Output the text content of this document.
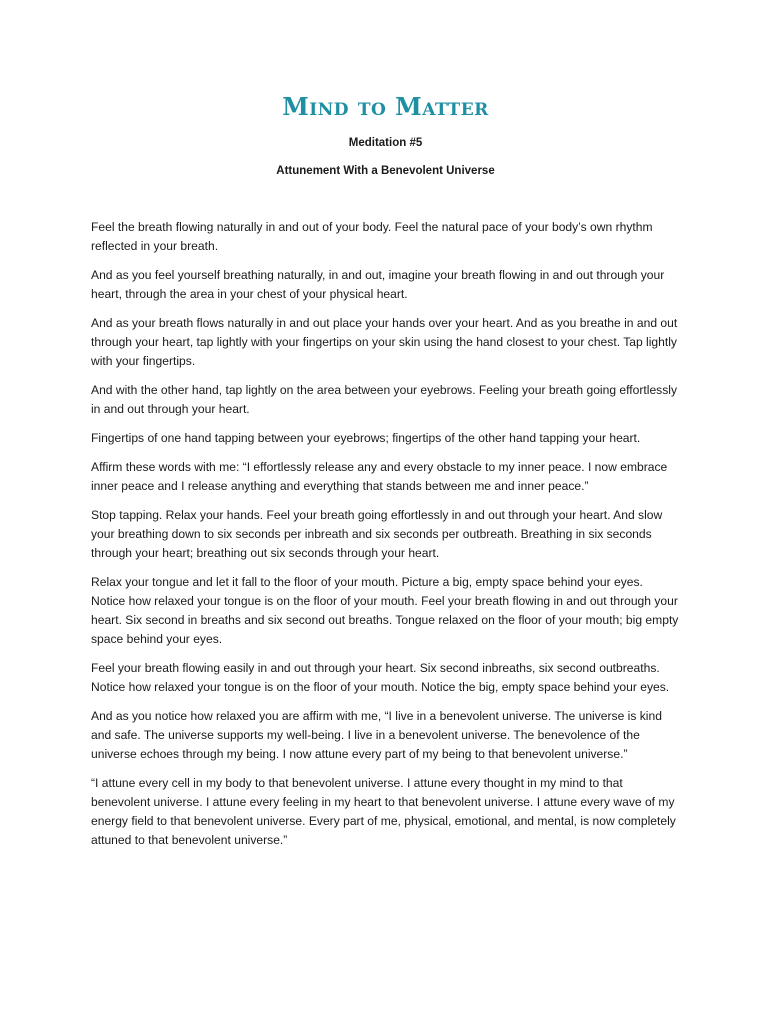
Mind to Matter
Meditation #5
Attunement With a Benevolent Universe

Feel the breath flowing naturally in and out of your body. Feel the natural pace of your body’s own rhythm reflected in your breath.

And as you feel yourself breathing naturally, in and out, imagine your breath flowing in and out through your heart, through the area in your chest of your physical heart.

And as your breath flows naturally in and out place your hands over your heart. And as you breathe in and out through your heart, tap lightly with your fingertips on your skin using the hand closest to your chest. Tap lightly with your fingertips.

And with the other hand, tap lightly on the area between your eyebrows. Feeling your breath going effortlessly in and out through your heart.

Fingertips of one hand tapping between your eyebrows; fingertips of the other hand tapping your heart.

Affirm these words with me: “I effortlessly release any and every obstacle to my inner peace. I now embrace inner peace and I release anything and everything that stands between me and inner peace.”

Stop tapping. Relax your hands. Feel your breath going effortlessly in and out through your heart. And slow your breathing down to six seconds per inbreath and six seconds per outbreath. Breathing in six seconds through your heart; breathing out six seconds through your heart.

Relax your tongue and let it fall to the floor of your mouth. Picture a big, empty space behind your eyes. Notice how relaxed your tongue is on the floor of your mouth. Feel your breath flowing in and out through your heart. Six second in breaths and six second out breaths. Tongue relaxed on the floor of your mouth; big empty space behind your eyes.

Feel your breath flowing easily in and out through your heart. Six second inbreaths, six second outbreaths. Notice how relaxed your tongue is on the floor of your mouth. Notice the big, empty space behind your eyes.

And as you notice how relaxed you are affirm with me, “I live in a benevolent universe. The universe is kind and safe. The universe supports my well-being. I live in a benevolent universe. The benevolence of the universe echoes through my being. I now attune every part of my being to that benevolent universe.”

“I attune every cell in my body to that benevolent universe. I attune every thought in my mind to that benevolent universe. I attune every feeling in my heart to that benevolent universe. I attune every wave of my energy field to that benevolent universe. Every part of me, physical, emotional, and mental, is now completely attuned to that benevolent universe.”
